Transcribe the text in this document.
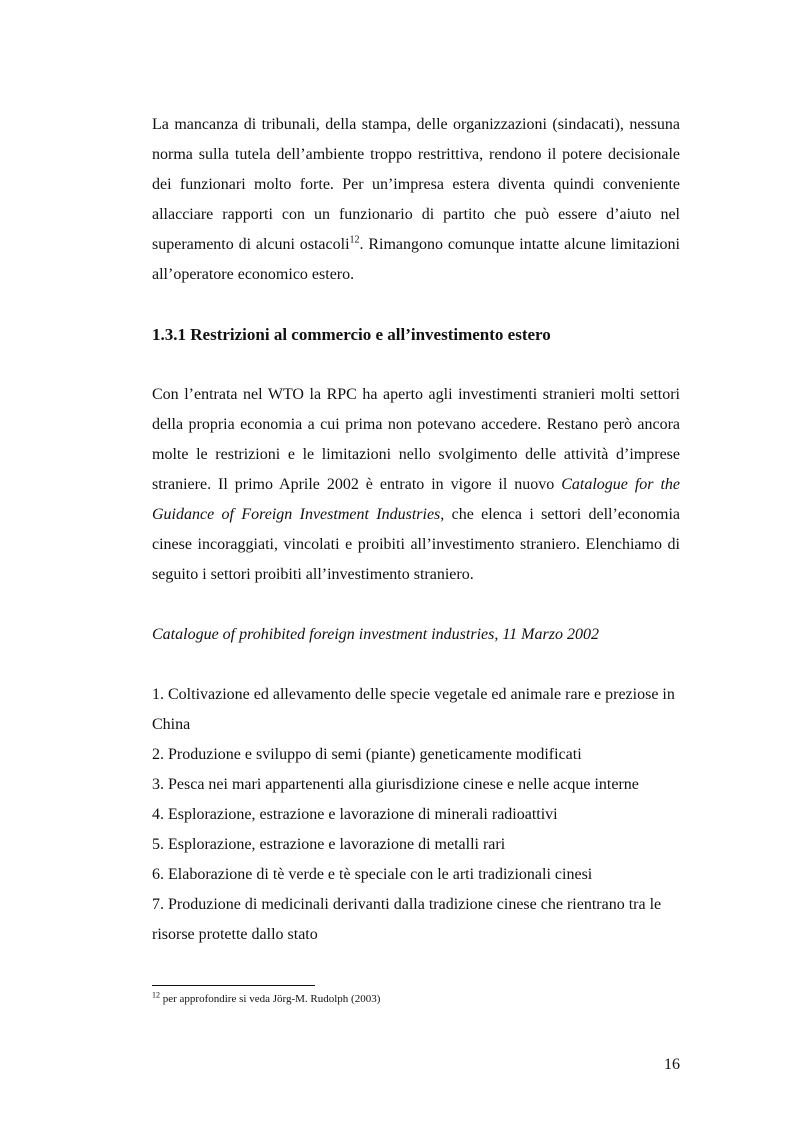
La mancanza di tribunali, della stampa, delle organizzazioni (sindacati), nessuna norma sulla tutela dell’ambiente troppo restrittiva, rendono il potere decisionale dei funzionari molto forte. Per un’impresa estera diventa quindi conveniente allacciare rapporti con un funzionario di partito che può essere d’aiuto nel superamento di alcuni ostacoli$^{12}$. Rimangono comunque intatte alcune limitazioni all’operatore economico estero.

1.3.1 Restrizioni al commercio e all’investimento estero

Con l’entrata nel WTO la RPC ha aperto agli investimenti stranieri molti settori della propria economia a cui prima non potevano accedere. Restano però ancora molte le restrizioni e le limitazioni nello svolgimento delle attività d’imprese straniere. Il primo Aprile 2002 è entrato in vigore il nuovo Catalogue for the Guidance of Foreign Investment Industries, che elenca i settori dell’economia cinese incoraggiati, vincolati e proibiti all’investimento straniero. Elenchiamo di seguito i settori proibiti all’investimento straniero.

Catalogue of prohibited foreign investment industries, 11 Marzo 2002

1. Coltivazione ed allevamento delle specie vegetale ed animale rare e preziose in China
2. Produzione e sviluppo di semi (piante) geneticamente modificati
3. Pesca nei mari appartenenti alla giurisdizione cinese e nelle acque interne
4. Esplorazione, estrazione e lavorazione di minerali radioattivi
5. Esplorazione, estrazione e lavorazione di metalli rari
6. Elaborazione di tè verde e tè speciale con le arti tradizionali cinesi
7. Produzione di medicinali derivanti dalla tradizione cinese che rientrano tra le risorse protette dallo stato
$^{12}$ per approfondire si veda Jörg-M. Rudolph (2003)
16
